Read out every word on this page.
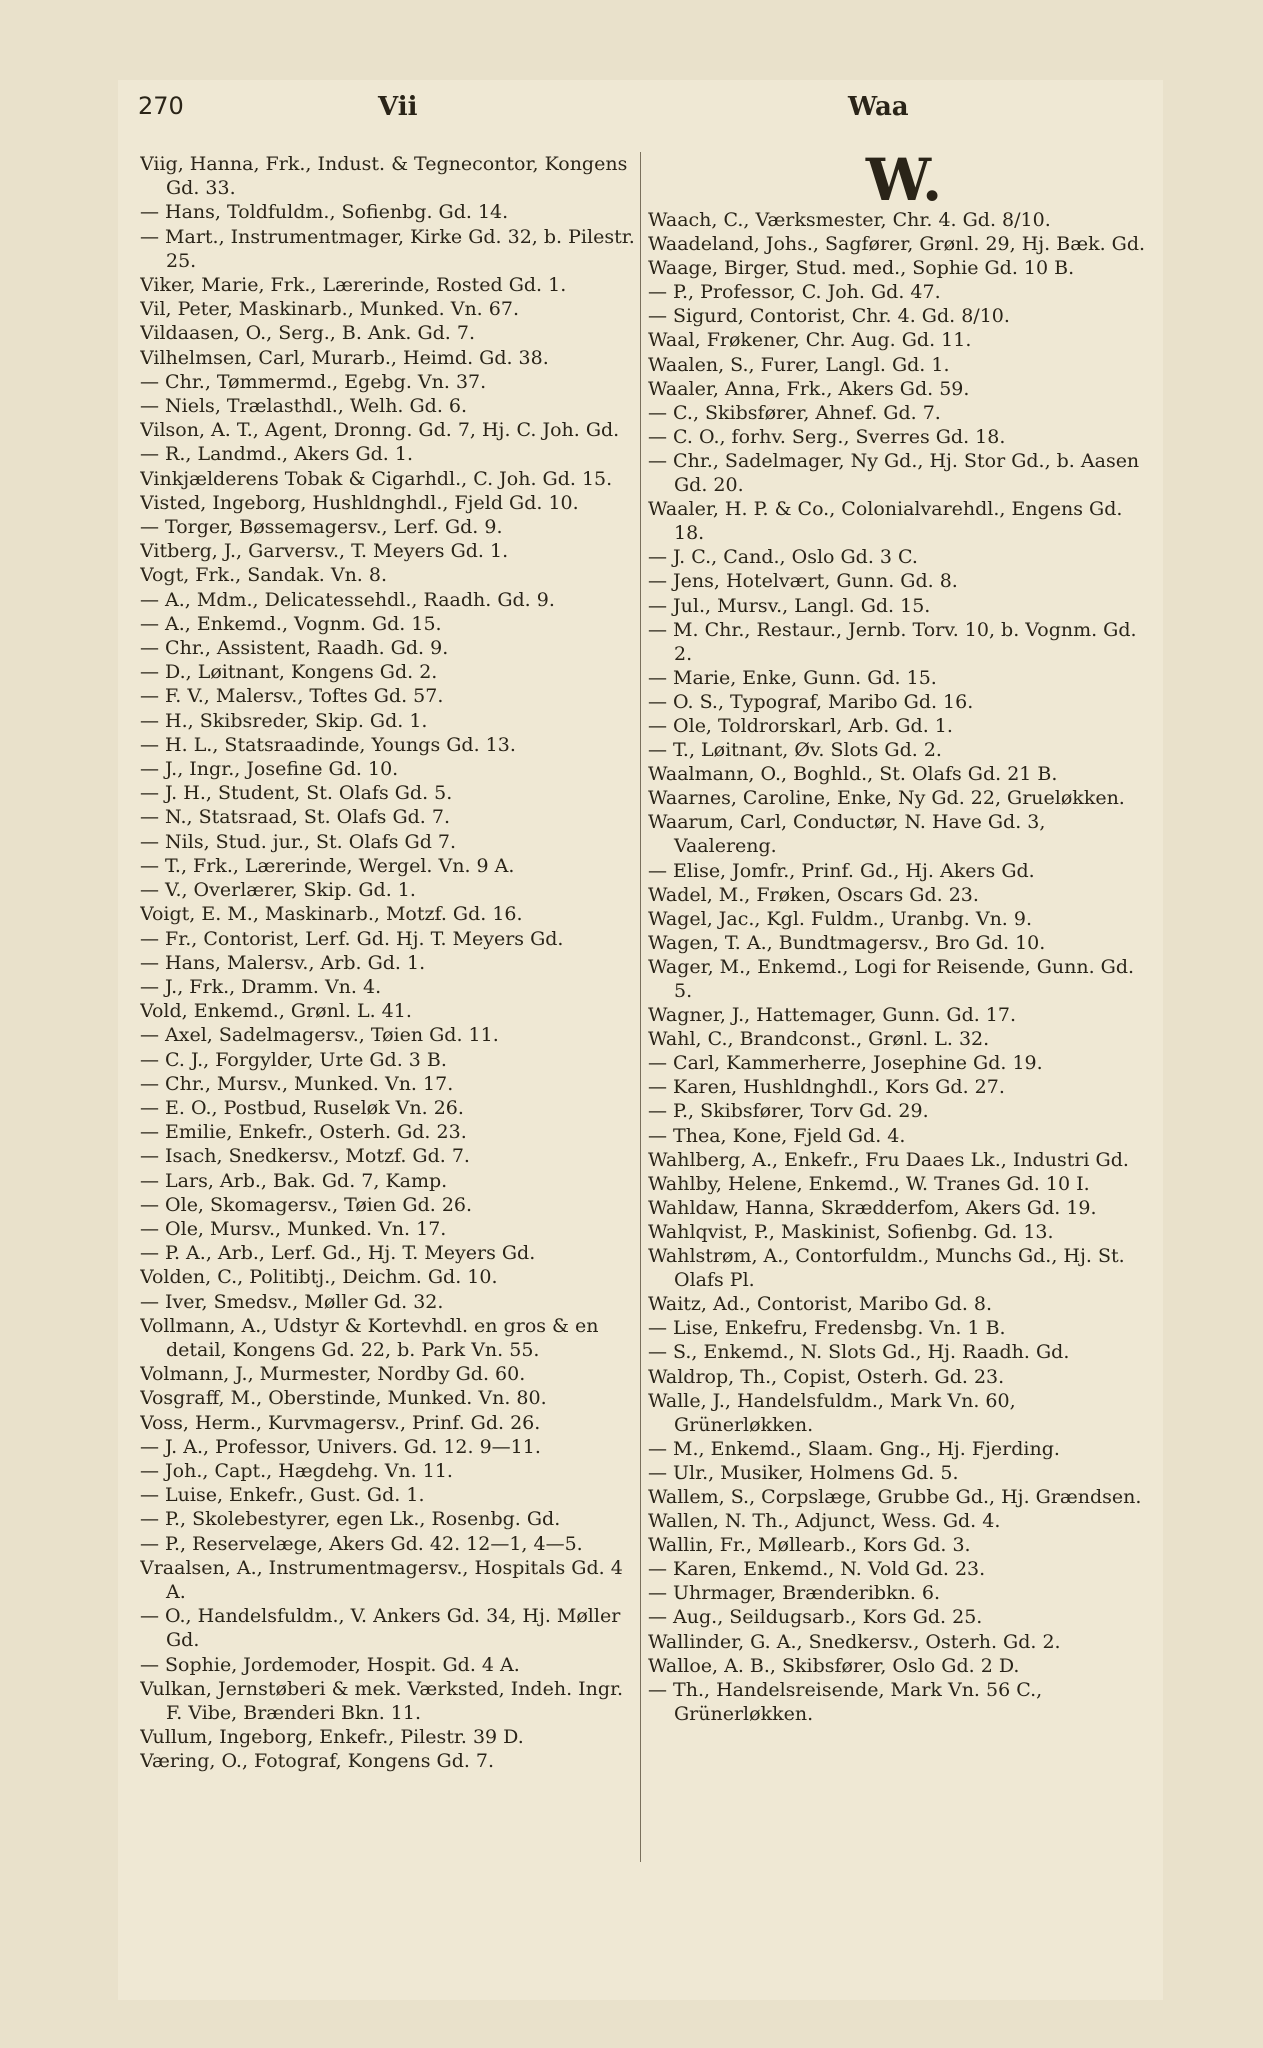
270	Vii	Waa
Viig, Hanna, Frk., Indust. & Tegnecontor, Kongens Gd. 33.
— Hans, Toldfuldm., Sofienbg. Gd. 14.
— Mart., Instrumentmager, Kirke Gd. 32, b. Pilestr. 25.
Viker, Marie, Frk., Lærerinde, Rosted Gd. 1.
Vil, Peter, Maskinarb., Munked. Vn. 67.
Vildaasen, O., Serg., B. Ank. Gd. 7.
Vilhelmsen, Carl, Murarb., Heimd. Gd. 38.
— Chr., Tømmermd., Egebg. Vn. 37.
— Niels, Trælasthdl., Welh. Gd. 6.
Vilson, A. T., Agent, Dronng. Gd. 7, Hj. C. Joh. Gd.
— R., Landmd., Akers Gd. 1.
Vinkjælderens Tobak & Cigarhdl., C. Joh. Gd. 15.
Visted, Ingeborg, Hushldnghdl., Fjeld Gd. 10.
— Torger, Bøssemagersv., Lerf. Gd. 9.
Vitberg, J., Garversv., T. Meyers Gd. 1.
Vogt, Frk., Sandak. Vn. 8.
— A., Mdm., Delicatessehdl., Raadh. Gd. 9.
— A., Enkemd., Vognm. Gd. 15.
— Chr., Assistent, Raadh. Gd. 9.
— D., Løitnant, Kongens Gd. 2.
— F. V., Malersv., Toftes Gd. 57.
— H., Skibsreder, Skip. Gd. 1.
— H. L., Statsraadinde, Youngs Gd. 13.
— J., Ingr., Josefine Gd. 10.
— J. H., Student, St. Olafs Gd. 5.
— N., Statsraad, St. Olafs Gd. 7.
— Nils, Stud. jur., St. Olafs Gd 7.
— T., Frk., Lærerinde, Wergel. Vn. 9 A.
— V., Overlærer, Skip. Gd. 1.
Voigt, E. M., Maskinarb., Motzf. Gd. 16.
— Fr., Contorist, Lerf. Gd. Hj. T. Meyers Gd.
— Hans, Malersv., Arb. Gd. 1.
— J., Frk., Dramm. Vn. 4.
Vold, Enkemd., Grønl. L. 41.
— Axel, Sadelmagersv., Tøien Gd. 11.
— C. J., Forgylder, Urte Gd. 3 B.
— Chr., Mursv., Munked. Vn. 17.
— E. O., Postbud, Ruseløk Vn. 26.
— Emilie, Enkefr., Osterh. Gd. 23.
— Isach, Snedkersv., Motzf. Gd. 7.
— Lars, Arb., Bak. Gd. 7, Kamp.
— Ole, Skomagersv., Tøien Gd. 26.
— Ole, Mursv., Munked. Vn. 17.
— P. A., Arb., Lerf. Gd., Hj. T. Meyers Gd.
Volden, C., Politibtj., Deichm. Gd. 10.
— Iver, Smedsv., Møller Gd. 32.
Vollmann, A., Udstyr & Kortevhdl. en gros & en detail, Kongens Gd. 22, b. Park Vn. 55.
Volmann, J., Murmester, Nordby Gd. 60.
Vosgraff, M., Oberstinde, Munked. Vn. 80.
Voss, Herm., Kurvmagersv., Prinf. Gd. 26.
— J. A., Professor, Univers. Gd. 12. 9—11.
— Joh., Capt., Hægdehg. Vn. 11.
— Luise, Enkefr., Gust. Gd. 1.
— P., Skolebestyrer, egen Lk., Rosenbg. Gd.
— P., Reservelæge, Akers Gd. 42. 12—1, 4—5.
Vraalsen, A., Instrumentmagersv., Hospitals Gd. 4 A.
— O., Handelsfuldm., V. Ankers Gd. 34, Hj. Møller Gd.
— Sophie, Jordemoder, Hospit. Gd. 4 A.
Vulkan, Jernstøberi & mek. Værksted, Indeh. Ingr. F. Vibe, Brænderi Bkn. 11.
Vullum, Ingeborg, Enkefr., Pilestr. 39 D.
Væring, O., Fotograf, Kongens Gd. 7.
W.
Waach, C., Værksmester, Chr. 4. Gd. 8/10.
Waadeland, Johs., Sagfører, Grønl. 29, Hj. Bæk. Gd.
Waage, Birger, Stud. med., Sophie Gd. 10 B.
— P., Professor, C. Joh. Gd. 47.
— Sigurd, Contorist, Chr. 4. Gd. 8/10.
Waal, Frøkener, Chr. Aug. Gd. 11.
Waalen, S., Furer, Langl. Gd. 1.
Waaler, Anna, Frk., Akers Gd. 59.
— C., Skibsfører, Ahnef. Gd. 7.
— C. O., forhv. Serg., Sverres Gd. 18.
— Chr., Sadelmager, Ny Gd., Hj. Stor Gd., b. Aasen Gd. 20.
Waaler, H. P. & Co., Colonialvarehdl., Engens Gd. 18.
— J. C., Cand., Oslo Gd. 3 C.
— Jens, Hotelvært, Gunn. Gd. 8.
— Jul., Mursv., Langl. Gd. 15.
— M. Chr., Restaur., Jernb. Torv. 10, b. Vognm. Gd. 2.
— Marie, Enke, Gunn. Gd. 15.
— O. S., Typograf, Maribo Gd. 16.
— Ole, Toldrorskarl, Arb. Gd. 1.
— T., Løitnant, Øv. Slots Gd. 2.
Waalmann, O., Boghld., St. Olafs Gd. 21 B.
Waarnes, Caroline, Enke, Ny Gd. 22, Grueløkken.
Waarum, Carl, Conductør, N. Have Gd. 3, Vaalereng.
— Elise, Jomfr., Prinf. Gd., Hj. Akers Gd.
Wadel, M., Frøken, Oscars Gd. 23.
Wagel, Jac., Kgl. Fuldm., Uranbg. Vn. 9.
Wagen, T. A., Bundtmagersv., Bro Gd. 10.
Wager, M., Enkemd., Logi for Reisende, Gunn. Gd. 5.
Wagner, J., Hattemager, Gunn. Gd. 17.
Wahl, C., Brandconst., Grønl. L. 32.
— Carl, Kammerherre, Josephine Gd. 19.
— Karen, Hushldnghdl., Kors Gd. 27.
— P., Skibsfører, Torv Gd. 29.
— Thea, Kone, Fjeld Gd. 4.
Wahlberg, A., Enkefr., Fru Daaes Lk., Industri Gd.
Wahlby, Helene, Enkemd., W. Tranes Gd. 10 I.
Wahldaw, Hanna, Skrædderfom, Akers Gd. 19.
Wahlqvist, P., Maskinist, Sofienbg. Gd. 13.
Wahlstrøm, A., Contorfuldm., Munchs Gd., Hj. St. Olafs Pl.
Waitz, Ad., Contorist, Maribo Gd. 8.
— Lise, Enkefru, Fredensbg. Vn. 1 B.
— S., Enkemd., N. Slots Gd., Hj. Raadh. Gd.
Waldrop, Th., Copist, Osterh. Gd. 23.
Walle, J., Handelsfuldm., Mark Vn. 60, Grünerløkken.
— M., Enkemd., Slaam. Gng., Hj. Fjerding.
— Ulr., Musiker, Holmens Gd. 5.
Wallem, S., Corpslæge, Grubbe Gd., Hj. Grændsen.
Wallen, N. Th., Adjunct, Wess. Gd. 4.
Wallin, Fr., Møllearb., Kors Gd. 3.
— Karen, Enkemd., N. Vold Gd. 23.
— Uhrmager, Brænderibkn. 6.
— Aug., Seildugsarb., Kors Gd. 25.
Wallinder, G. A., Snedkersv., Osterh. Gd. 2.
Walloe, A. B., Skibsfører, Oslo Gd. 2 D.
— Th., Handelsreisende, Mark Vn. 56 C., Grünerløkken.
